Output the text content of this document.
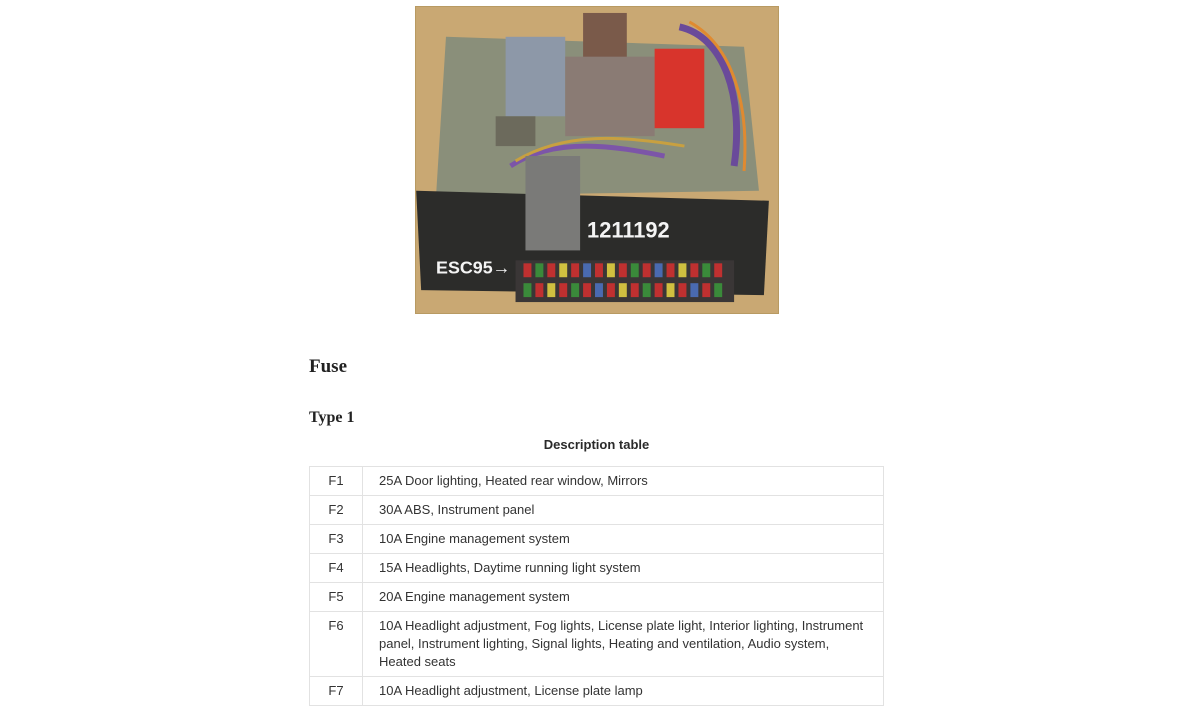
1211192
ESC95→
Fuse
Type 1
Description table
F1	25A Door lighting, Heated rear window, Mirrors
F2	30A ABS, Instrument panel
F3	10A Engine management system
F4	15A Headlights, Daytime running light system
F5	20A Engine management system
F6	10A Headlight adjustment, Fog lights, License plate light, Interior lighting, Instrument panel, Instrument lighting, Signal lights, Heating and ventilation, Audio system, Heated seats
F7	10A Headlight adjustment, License plate lamp
